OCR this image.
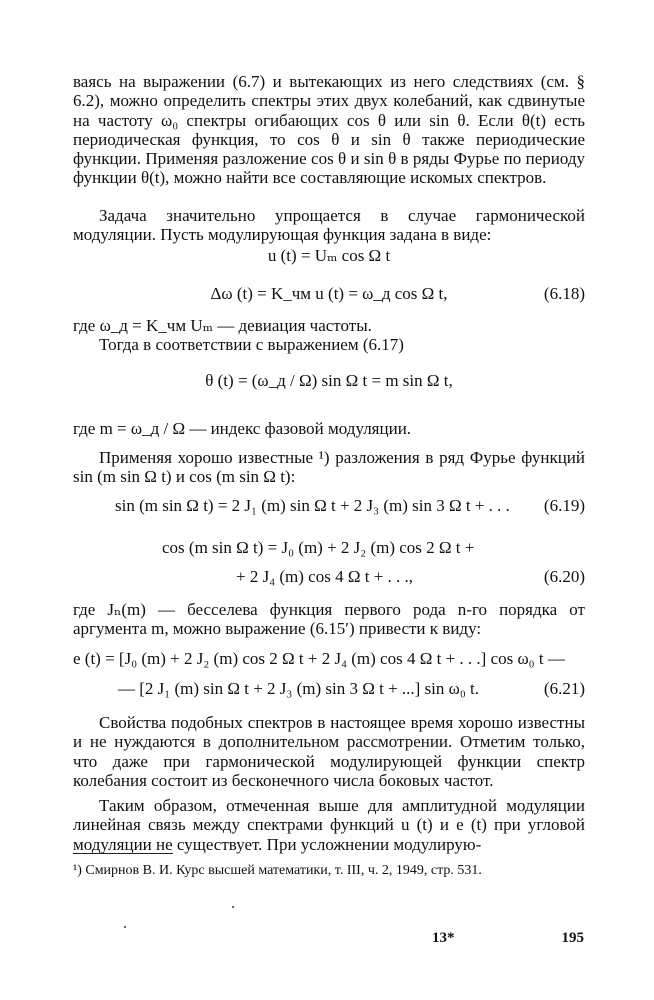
ваясь на выражении (6.7) и вытекающих из него следствиях (см. § 6.2), можно определить спектры этих двух колебаний, как сдвинутые на частоту ω₀ спектры огибающих cos θ или sin θ. Если θ(t) есть периодическая функция, то cos θ и sin θ также периодические функции. Применяя разложение cos θ и sin θ в ряды Фурье по периоду функции θ(t), можно найти все составляющие искомых спектров.
Задача значительно упрощается в случае гармонической модуляции. Пусть модулирующая функция задана в виде:
u (t) = Uₘ cos Ω t
Δω (t) = K_чм u (t) = ω_д cos Ω t,	(6.18)
где ω_д = K_чм Uₘ — девиация частоты.
Тогда в соответствии с выражением (6.17)
θ (t) = (ω_д / Ω) sin Ω t = m sin Ω t,
где m = ω_д / Ω — индекс фазовой модуляции.
Применяя хорошо известные ¹) разложения в ряд Фурье функций sin (m sin Ω t) и cos (m sin Ω t):
sin (m sin Ω t) = 2 J₁ (m) sin Ω t + 2 J₃ (m) sin 3 Ω t + . . . (6.19)
cos (m sin Ω t) = J₀ (m) + 2 J₂ (m) cos 2 Ω t +
+ 2 J₄ (m) cos 4 Ω t + . . .,	(6.20)
где Jₙ(m) — бесселева функция первого рода n-го порядка от аргумента m, можно выражение (6.15′) привести к виду:
e (t) = [J₀ (m) + 2 J₂ (m) cos 2 Ω t + 2 J₄ (m) cos 4 Ω t + . . .] cos ω₀ t —
— [2 J₁ (m) sin Ω t + 2 J₃ (m) sin 3 Ω t + ...] sin ω₀ t.	(6.21)
Свойства подобных спектров в настоящее время хорошо известны и не нуждаются в дополнительном рассмотрении. Отметим только, что даже при гармонической модулирующей функции спектр колебания состоит из бесконечного числа боковых частот.
Таким образом, отмеченная выше для амплитудной модуляции линейная связь между спектрами функций u (t) и e (t) при угловой модуляции не существует. При усложнении модулирую-
¹) Смирнов В. И. Курс высшей математики, т. III, ч. 2, 1949, стр. 531.
13*	195
